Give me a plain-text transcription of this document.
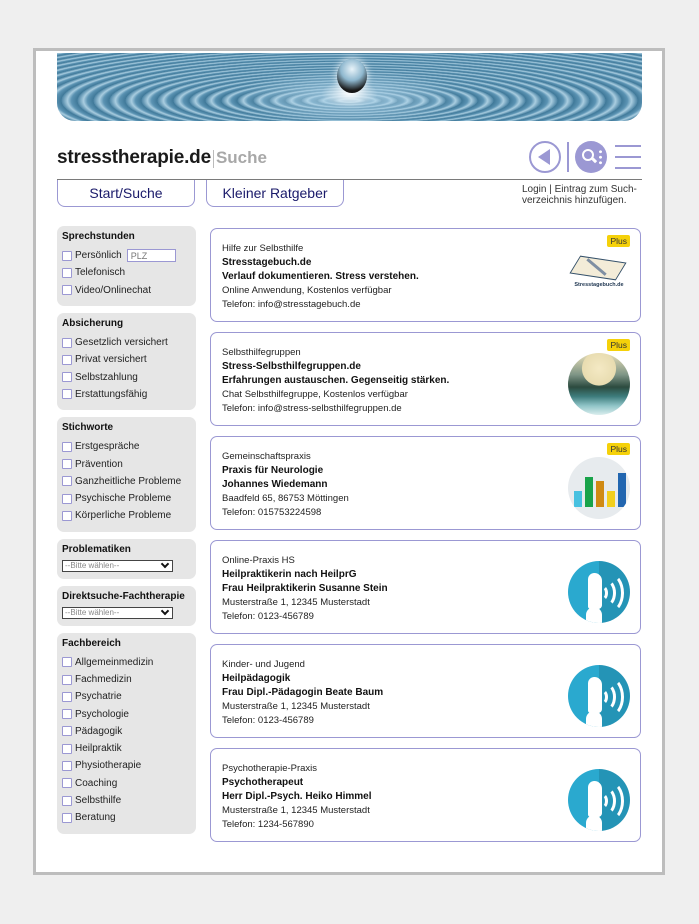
stresstherapie.de Suche
Start/Suche	Kleiner Ratgeber	Login | Eintrag zum Such-verzeichnis hinzufügen.
Sprechstunden
Persönlich
PLZ
Telefonisch
Video/Onlinechat
Absicherung
Gesetzlich versichert
Privat versichert
Selbstzahlung
Erstattungsfähig
Stichworte
Erstgespräche
Prävention
Ganzheitliche Probleme
Psychische Probleme
Körperliche Probleme
Problematiken
--Bitte wählen--
Direktsuche-Fachtherapie
--Bitte wählen--
Fachbereich
Allgemeinmedizin
Fachmedizin
Psychatrie
Psychologie
Pädagogik
Heilpraktik
Physiotherapie
Coaching
Selbsthilfe
Beratung
Hilfe zur Selbsthilfe
Stresstagebuch.de
Verlauf dokumentieren. Stress verstehen.
Online Anwendung, Kostenlos verfügbar
Telefon: info@stresstagebuch.de
Plus
Stresstagebuch.de
Selbsthilfegruppen
Stress-Selbsthilfegruppen.de
Erfahrungen austauschen. Gegenseitig stärken.
Chat Selbsthilfegruppe, Kostenlos verfügbar
Telefon: info@stress-selbsthilfegruppen.de
Plus
Gemeinschaftspraxis
Praxis für Neurologie
Johannes Wiedemann
Baadfeld 65, 86753 Möttingen
Telefon: 015753224598
Plus
Online-Praxis HS
Heilpraktikerin nach HeilprG
Frau Heilpraktikerin Susanne Stein
Musterstraße 1, 12345 Musterstadt
Telefon: 0123-456789
Kinder- und Jugend
Heilpädagogik
Frau Dipl.-Pädagogin Beate Baum
Musterstraße 1, 12345 Musterstadt
Telefon: 0123-456789
Psychotherapie-Praxis
Psychotherapeut
Herr Dipl.-Psych. Heiko Himmel
Musterstraße 1, 12345 Musterstadt
Telefon: 1234-567890
